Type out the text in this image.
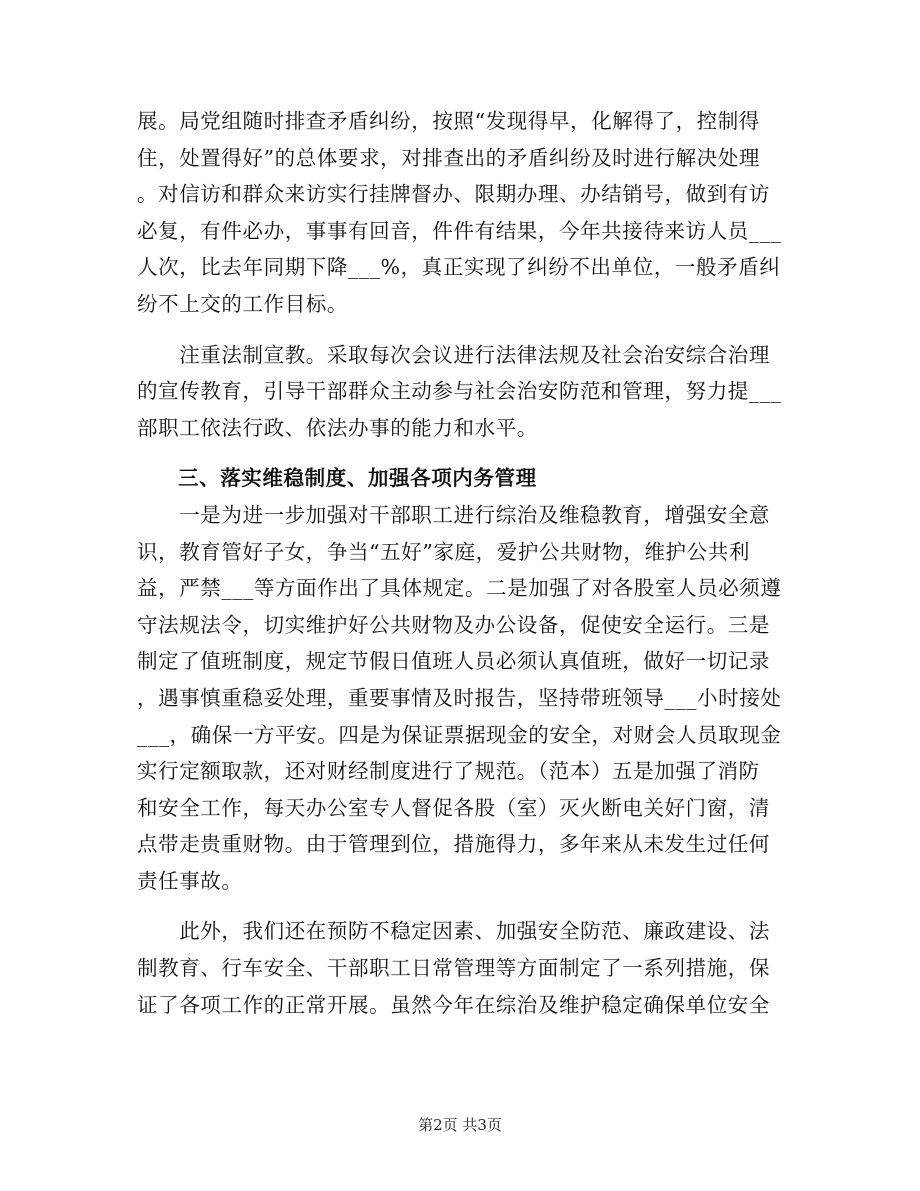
展。局党组随时排查矛盾纠纷，按照“发现得早，化解得了，控制得
住，处置得好”的总体要求，对排查出的矛盾纠纷及时进行解决处理
。对信访和群众来访实行挂牌督办、限期办理、办结销号，做到有访
必复，有件必办，事事有回音，件件有结果，今年共接待来访人员___
人次，比去年同期下降___%，真正实现了纠纷不出单位，一般矛盾纠
纷不上交的工作目标。

　　注重法制宣教。采取每次会议进行法律法规及社会治安综合治理
的宣传教育，引导干部群众主动参与社会治安防范和管理，努力提___
部职工依法行政、依法办事的能力和水平。

三、落实维稳制度、加强各项内务管理

　　一是为进一步加强对干部职工进行综治及维稳教育，增强安全意
识，教育管好子女，争当“五好”家庭，爱护公共财物，维护公共利
益，严禁___等方面作出了具体规定。二是加强了对各股室人员必须遵
守法规法令，切实维护好公共财物及办公设备，促使安全运行。三是
制定了值班制度，规定节假日值班人员必须认真值班，做好一切记录
，遇事慎重稳妥处理，重要事情及时报告，坚持带班领导___小时接处
___，确保一方平安。四是为保证票据现金的安全，对财会人员取现金
实行定额取款，还对财经制度进行了规范。（范本）五是加强了消防
和安全工作，每天办公室专人督促各股（室）灭火断电关好门窗，清
点带走贵重财物。由于管理到位，措施得力，多年来从未发生过任何
责任事故。

　　此外，我们还在预防不稳定因素、加强安全防范、廉政建设、法
制教育、行车安全、干部职工日常管理等方面制定了一系列措施，保
证了各项工作的正常开展。虽然今年在综治及维护稳定确保单位安全

第2页 共3页
